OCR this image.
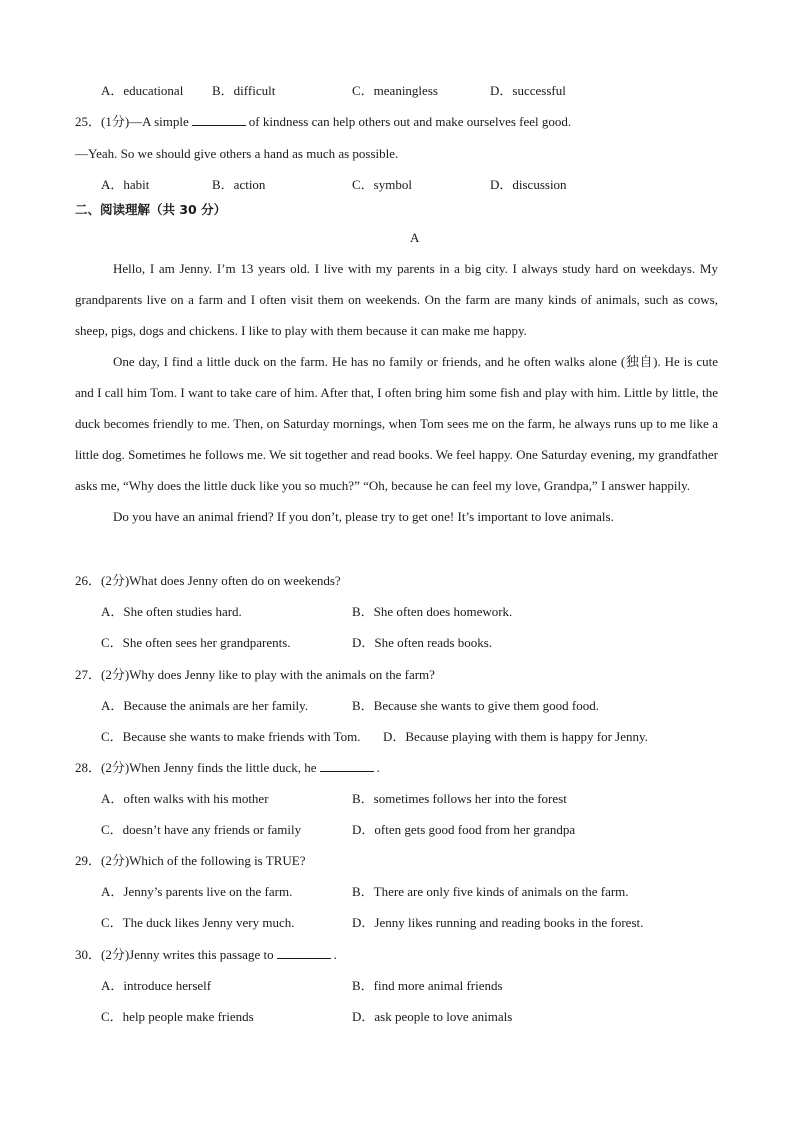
A．educational B．difficult	C．meaningless	D．successful
25．(1分)—A simple	of kindness can help others out and make ourselves feel good.
—Yeah. So we should give others a hand as much as possible.
A．habit	B．action	C．symbol	D．discussion
二、阅读理解（共 30 分）
A

Hello, I am Jenny. I’m 13 years old. I live with my parents in a big city. I always study hard on weekdays. My grandparents live on a farm and I often visit them on weekends. On the farm are many kinds of animals, such as cows, sheep, pigs, dogs and chickens. I like to play with them because it can make me happy.

One day, I find a little duck on the farm. He has no family or friends, and he often walks alone (独自). He is cute and I call him Tom. I want to take care of him. After that, I often bring him some fish and play with him. Little by little, the duck becomes friendly to me. Then, on Saturday mornings, when Tom sees me on the farm, he always runs up to me like a little dog. Sometimes he follows me. We sit together and read books. We feel happy. One Saturday evening, my grandfather asks me, “Why does the little duck like you so much?” “Oh, because he can feel my love, Grandpa,” I answer happily.

Do you have an animal friend? If you don’t, please try to get one! It’s important to love animals.

26．(2分)What does Jenny often do on weekends?
A．She often studies hard.	B．She often does homework.
C．She often sees her grandparents.	D．She often reads books.
27．(2分)Why does Jenny like to play with the animals on the farm?
A．Because the animals are her family.	B．Because she wants to give them good food.
C．Because she wants to make friends with Tom. D．Because playing with them is happy for Jenny.
28．(2分)When Jenny finds the little duck, he	.
A．often walks with his mother	B．sometimes follows her into the forest
C．doesn’t have any friends or family	D．often gets good food from her grandpa
29．(2分)Which of the following is TRUE?
A．Jenny’s parents live on the farm.	B．There are only five kinds of animals on the farm.
C．The duck likes Jenny very much.	D．Jenny likes running and reading books in the forest.
30．(2分)Jenny writes this passage to	.
A．introduce herself	B．find more animal friends
C．help people make friends	D．ask people to love animals
